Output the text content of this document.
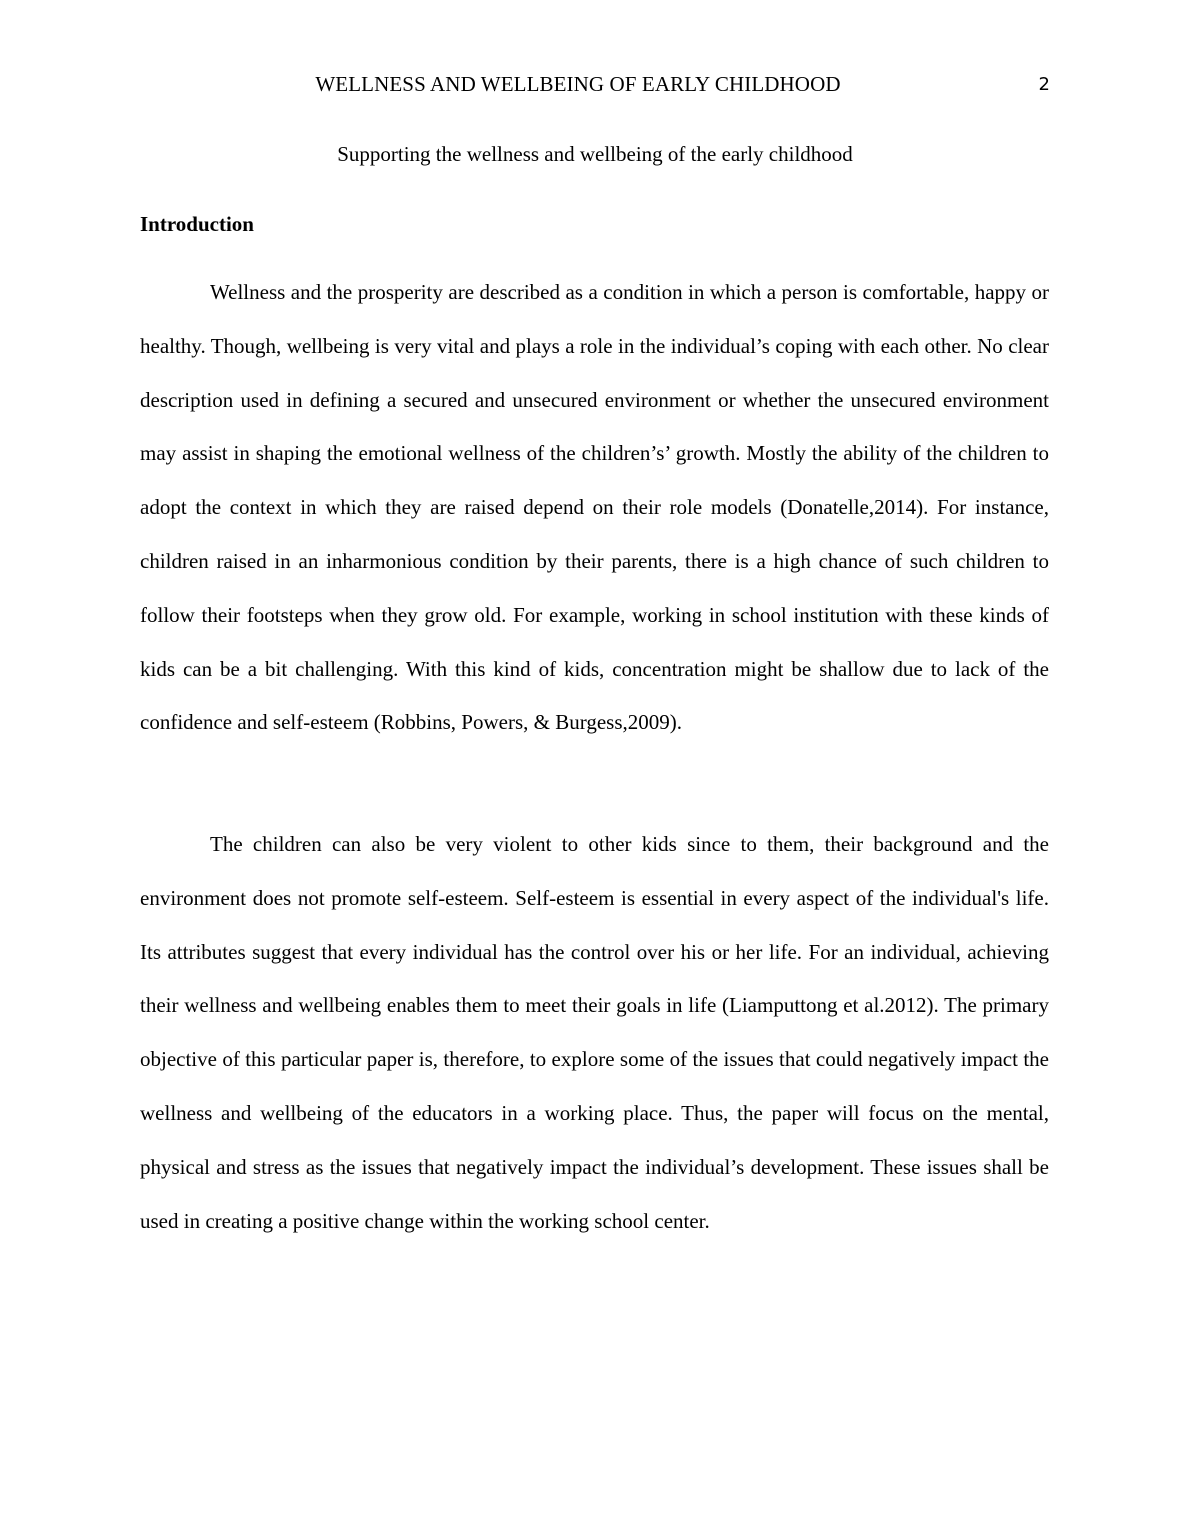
WELLNESS AND WELLBEING OF EARLY CHILDHOOD	2
Supporting the wellness and wellbeing of the early childhood
Introduction

Wellness and the prosperity are described as a condition in which a person is comfortable, happy or healthy. Though, wellbeing is very vital and plays a role in the individual’s coping with each other. No clear description used in defining a secured and unsecured environment or whether the unsecured environment may assist in shaping the emotional wellness of the children’s’ growth. Mostly the ability of the children to adopt the context in which they are raised depend on their role models (Donatelle,2014). For instance, children raised in an inharmonious condition by their parents, there is a high chance of such children to follow their footsteps when they grow old. For example, working in school institution with these kinds of kids can be a bit challenging. With this kind of kids, concentration might be shallow due to lack of the confidence and self-esteem (Robbins, Powers, & Burgess,2009).

The children can also be very violent to other kids since to them, their background and the environment does not promote self-esteem. Self-esteem is essential in every aspect of the individual's life. Its attributes suggest that every individual has the control over his or her life. For an individual, achieving their wellness and wellbeing enables them to meet their goals in life (Liamputtong et al.2012). The primary objective of this particular paper is, therefore, to explore some of the issues that could negatively impact the wellness and wellbeing of the educators in a working place. Thus, the paper will focus on the mental, physical and stress as the issues that negatively impact the individual’s development. These issues shall be used in creating a positive change within the working school center.
